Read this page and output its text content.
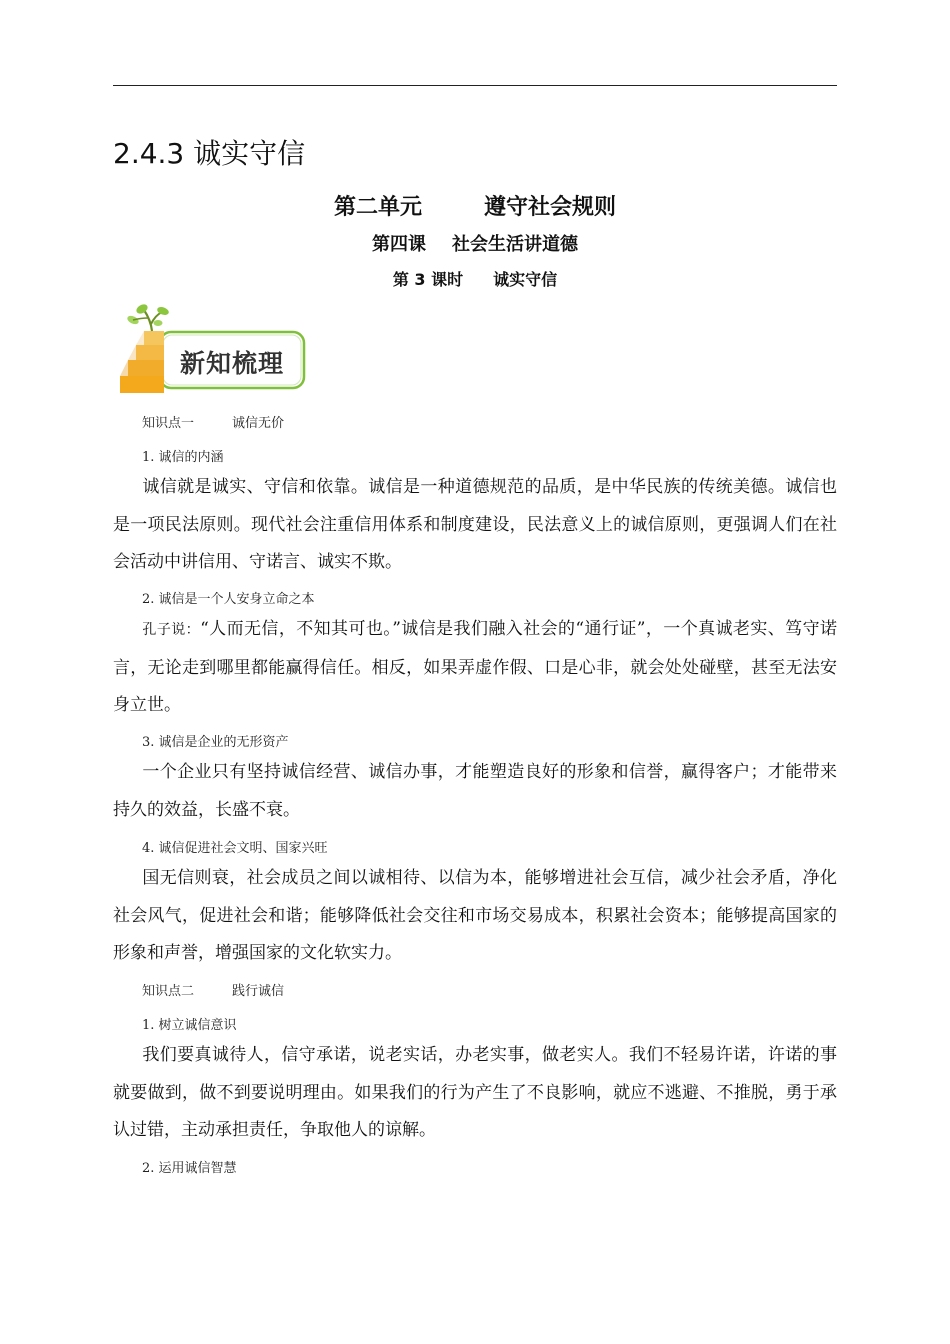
2.4.3 诚实守信
第二单元	遵守社会规则
第四课 社会生活讲道德
第 3 课时 诚实守信
新知梳理
知识点一	诚信无价
1. 诚信的内涵
诚信就是诚实、守信和依靠。诚信是一种道德规范的品质，是中华民族的传统美德。诚信也是一项民法原则。现代社会注重信用体系和制度建设，民法意义上的诚信原则，更强调人们在社会活动中讲信用、守诺言、诚实不欺。
2. 诚信是一个人安身立命之本
孔子说：“人而无信，不知其可也。”诚信是我们融入社会的“通行证”，一个真诚老实、笃守诺言，无论走到哪里都能赢得信任。相反，如果弄虚作假、口是心非，就会处处碰壁，甚至无法安身立世。
3. 诚信是企业的无形资产
一个企业只有坚持诚信经营、诚信办事，才能塑造良好的形象和信誉，赢得客户；才能带来持久的效益，长盛不衰。
4. 诚信促进社会文明、国家兴旺
国无信则衰，社会成员之间以诚相待、以信为本，能够增进社会互信，减少社会矛盾，净化社会风气，促进社会和谐；能够降低社会交往和市场交易成本，积累社会资本；能够提高国家的形象和声誉，增强国家的文化软实力。
知识点二	践行诚信
1. 树立诚信意识
我们要真诚待人，信守承诺，说老实话，办老实事，做老实人。我们不轻易许诺，许诺的事就要做到，做不到要说明理由。如果我们的行为产生了不良影响，就应不逃避、不推脱，勇于承认过错，主动承担责任，争取他人的谅解。
2. 运用诚信智慧
